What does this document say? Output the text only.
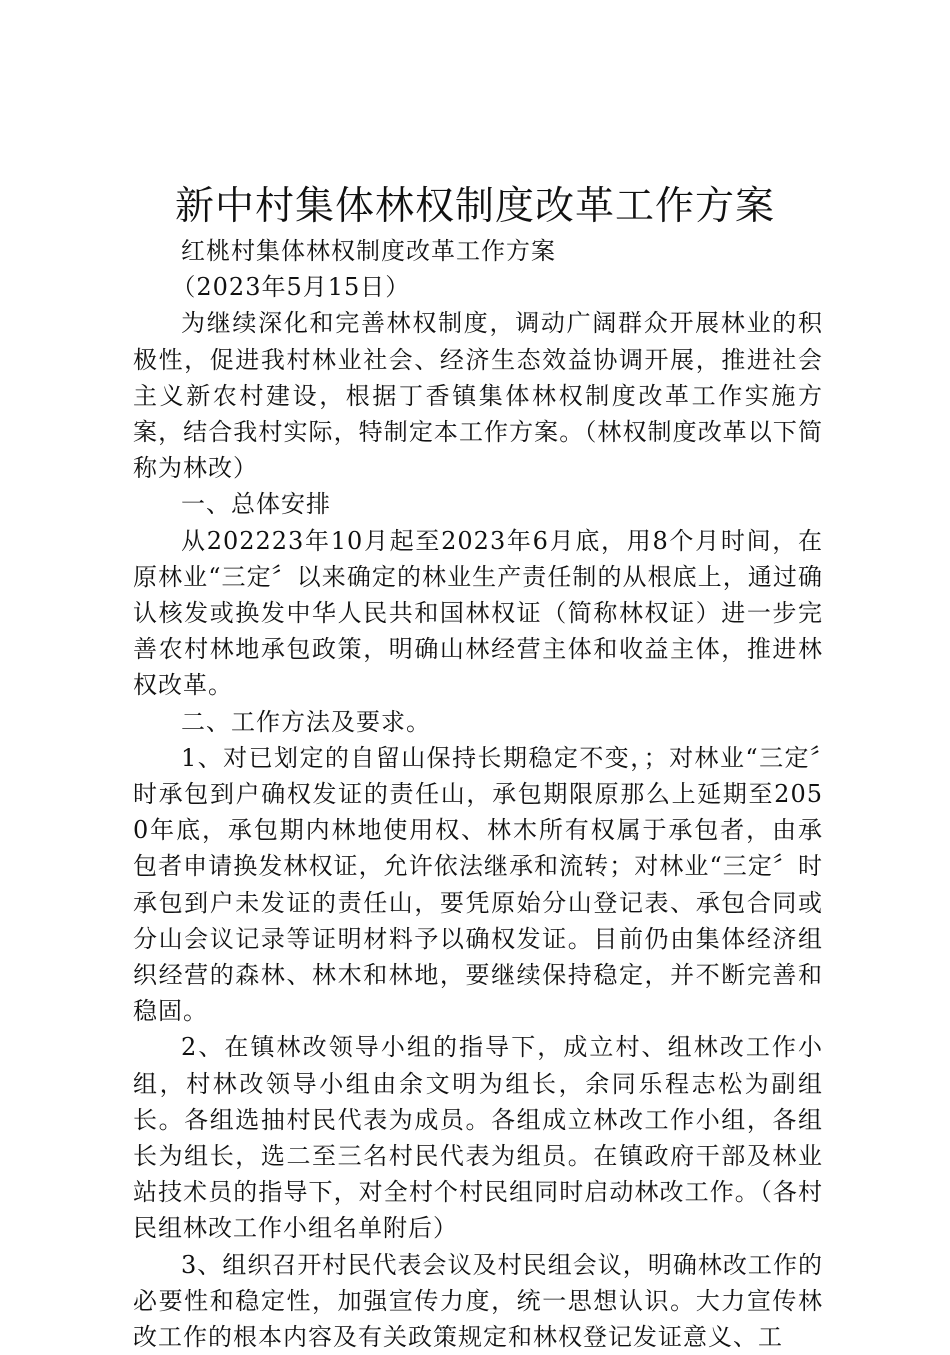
新中村集体林权制度改革工作方案

红桃村集体林权制度改革工作方案

（2023年5月15日）

为继续深化和完善林权制度，调动广阔群众开展林业的积极性，促进我村林业社会、经济生态效益协调开展，推进社会主义新农村建设，根据丁香镇集体林权制度改革工作实施方案，结合我村实际，特制定本工作方案。（林权制度改革以下简称为林改）

一、总体安排

从202223年10月起至2023年6月底，用8个月时间，在原林业“三定〞以来确定的林业生产责任制的从根底上，通过确认核发或换发中华人民共和国林权证（简称林权证）进一步完善农村林地承包政策，明确山林经营主体和收益主体，推进林权改革。

二、工作方法及要求。

1、对已划定的自留山保持长期稳定不变，；对林业“三定〞时承包到户确权发证的责任山，承包期限原那么上延期至2050年底，承包期内林地使用权、林木所有权属于承包者，由承包者申请换发林权证，允许依法继承和流转；对林业“三定〞时承包到户未发证的责任山，要凭原始分山登记表、承包合同或分山会议记录等证明材料予以确权发证。目前仍由集体经济组织经营的森林、林木和林地，要继续保持稳定，并不断完善和稳固。

2、在镇林改领导小组的指导下，成立村、组林改工作小组，村林改领导小组由余文明为组长，余同乐程志松为副组长。各组选抽村民代表为成员。各组成立林改工作小组，各组长为组长，选二至三名村民代表为组员。在镇政府干部及林业站技术员的指导下，对全村个村民组同时启动林改工作。（各村民组林改工作小组名单附后）

3、组织召开村民代表会议及村民组会议，明确林改工作的必要性和稳定性，加强宣传力度，统一思想认识。大力宣传林改工作的根本内容及有关政策规定和林权登记发证意义、工
